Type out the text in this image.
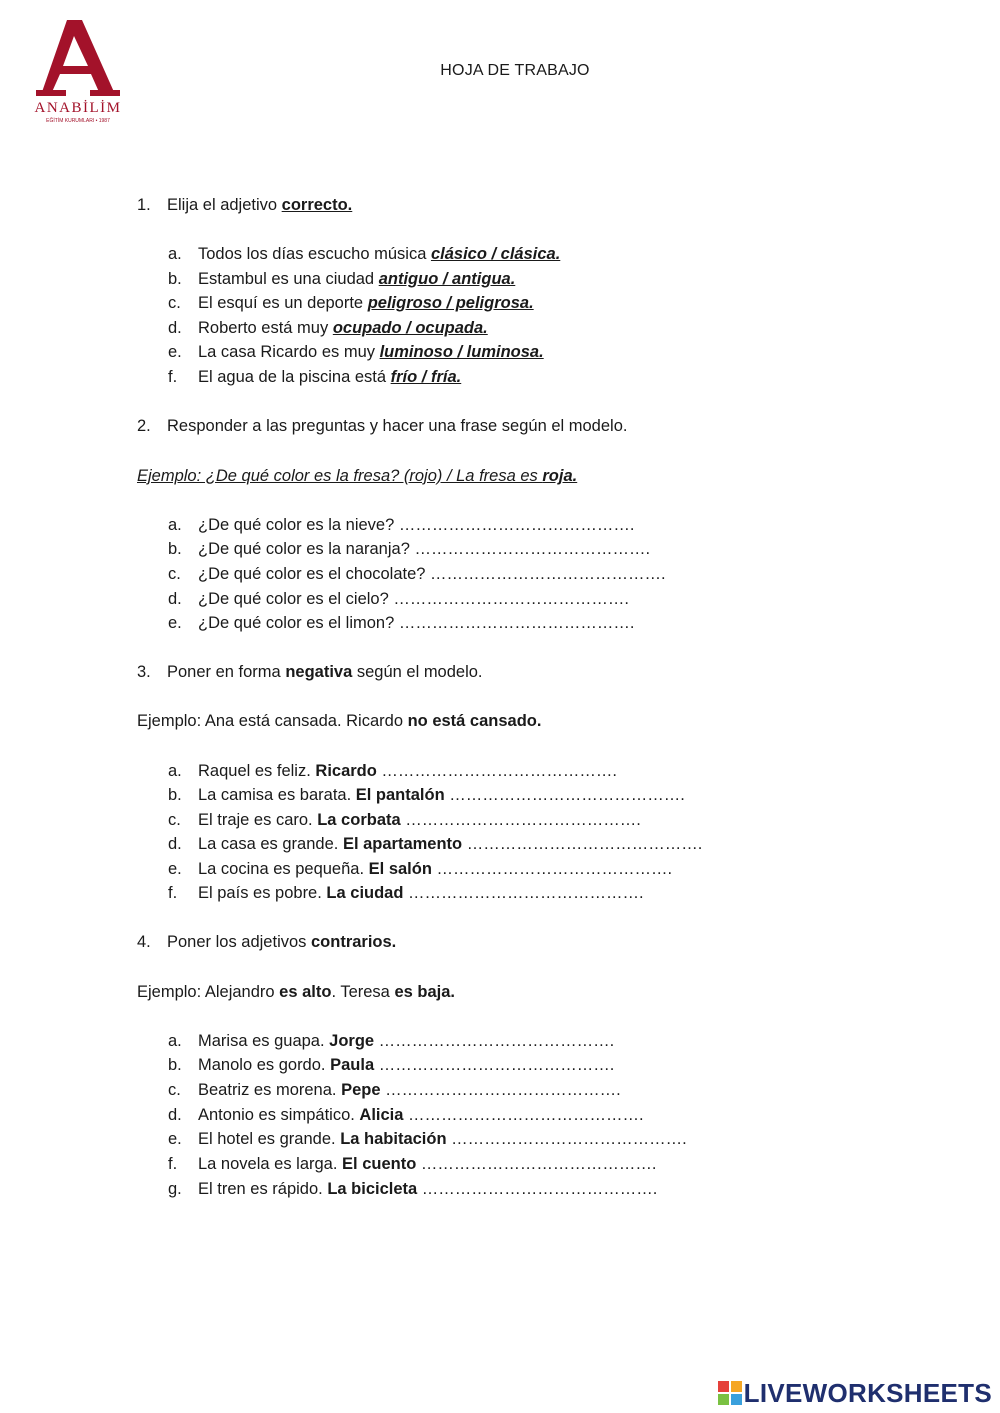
ANABİLİM
EĞİTİM KURUMLARI • 1987
HOJA DE TRABAJO
1. Elija el adjetivo correcto.
a. Todos los días escucho música clásico / clásica.
b. Estambul es una ciudad antiguo / antigua.
c. El esquí es un deporte peligroso / peligrosa.
d. Roberto está muy ocupado / ocupada.
e. La casa Ricardo es muy luminoso / luminosa.
f. El agua de la piscina está frío / fría.
2. Responder a las preguntas y hacer una frase según el modelo.
Ejemplo: ¿De qué color es la fresa? (rojo) / La fresa es roja.
a. ¿De qué color es la nieve? …………………………………….
b. ¿De qué color es la naranja? …………………………………….
c. ¿De qué color es el chocolate? …………………………………….
d. ¿De qué color es el cielo? …………………………………….
e. ¿De qué color es el limon? …………………………………….
3. Poner en forma negativa según el modelo.
Ejemplo: Ana está cansada. Ricardo no está cansado.
a. Raquel es feliz. Ricardo …………………………………….
b. La camisa es barata. El pantalón …………………………………….
c. El traje es caro. La corbata …………………………………….
d. La casa es grande. El apartamento …………………………………….
e. La cocina es pequeña. El salón …………………………………….
f. El país es pobre. La ciudad …………………………………….
4. Poner los adjetivos contrarios.
Ejemplo: Alejandro es alto. Teresa es baja.
a. Marisa es guapa. Jorge …………………………………….
b. Manolo es gordo. Paula …………………………………….
c. Beatriz es morena. Pepe …………………………………….
d. Antonio es simpático. Alicia …………………………………….
e. El hotel es grande. La habitación …………………………………….
f. La novela es larga. El cuento …………………………………….
g. El tren es rápido. La bicicleta …………………………………….
LIVEWORKSHEETS
